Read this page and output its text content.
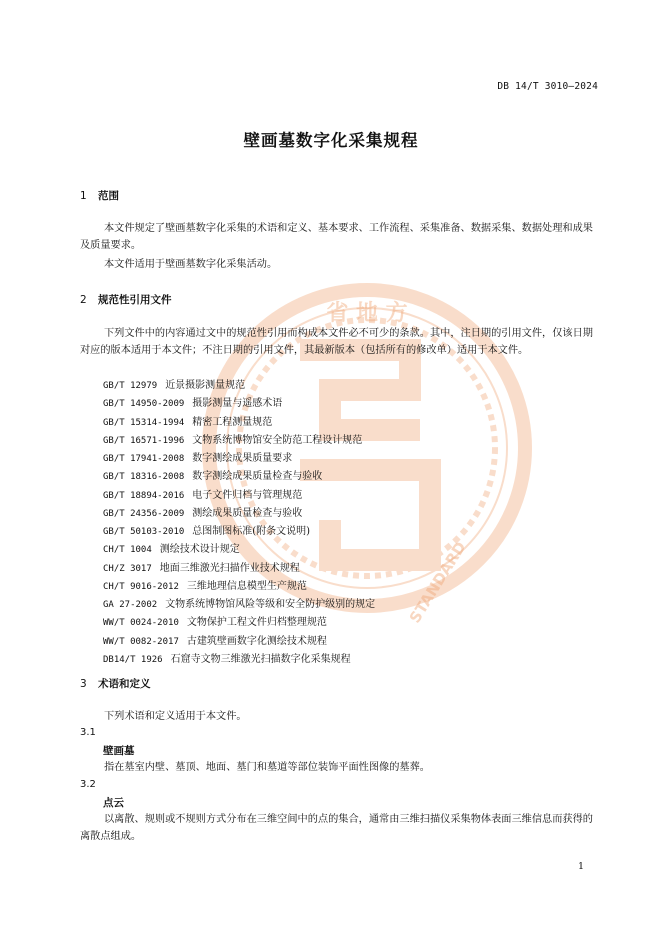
省 地 方
STANDARD
DB 14/T 3010—2024
壁画墓数字化采集规程
1 范围
本文件规定了壁画墓数字化采集的术语和定义、基本要求、工作流程、采集准备、数据采集、数据处理和成果及质量要求。
本文件适用于壁画墓数字化采集活动。
2 规范性引用文件
下列文件中的内容通过文中的规范性引用而构成本文件必不可少的条款。其中，注日期的引用文件，仅该日期对应的版本适用于本文件；不注日期的引用文件，其最新版本（包括所有的修改单）适用于本文件。
GB/T 12979 近景摄影测量规范
GB/T 14950-2009 摄影测量与遥感术语
GB/T 15314-1994 精密工程测量规范
GB/T 16571-1996 文物系统博物馆安全防范工程设计规范
GB/T 17941-2008 数字测绘成果质量要求
GB/T 18316-2008 数字测绘成果质量检查与验收
GB/T 18894-2016 电子文件归档与管理规范
GB/T 24356-2009 测绘成果质量检查与验收
GB/T 50103-2010 总图制图标准(附条文说明)
CH/T 1004 测绘技术设计规定
CH/Z 3017 地面三维激光扫描作业技术规程
CH/T 9016-2012 三维地理信息模型生产规范
GA 27-2002 文物系统博物馆风险等级和安全防护级别的规定
WW/T 0024-2010 文物保护工程文件归档整理规范
WW/T 0082-2017 古建筑壁画数字化测绘技术规程
DB14/T 1926 石窟寺文物三维激光扫描数字化采集规程
3 术语和定义
下列术语和定义适用于本文件。
3.1
壁画墓
指在墓室内壁、墓顶、地面、墓门和墓道等部位装饰平面性图像的墓葬。
3.2
点云
以离散、规则或不规则方式分布在三维空间中的点的集合，通常由三维扫描仪采集物体表面三维信息而获得的离散点组成。
1
